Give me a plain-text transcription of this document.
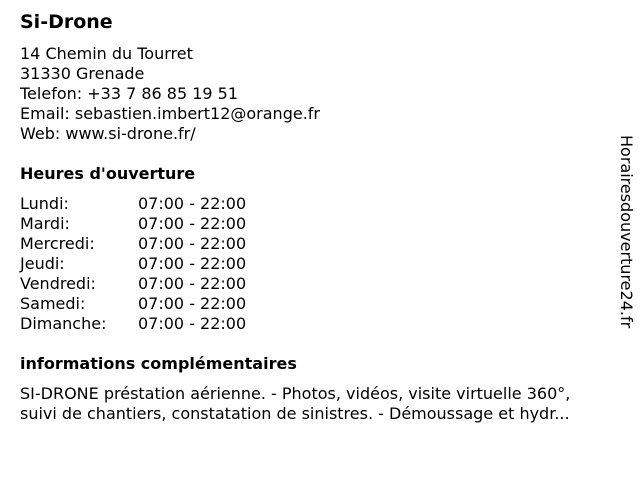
Si-Drone
14 Chemin du Tourret
31330 Grenade
Telefon: +33 7 86 85 19 51
Email: sebastien.imbert12@orange.fr
Web: www.si-drone.fr/
Heures d'ouverture
Lundi:	07:00 - 22:00
Mardi:	07:00 - 22:00
Mercredi:	07:00 - 22:00
Jeudi:	07:00 - 22:00
Vendredi:	07:00 - 22:00
Samedi:	07:00 - 22:00
Dimanche: 07:00 - 22:00
informations complémentaires
SI-DRONE préstation aérienne. - Photos, vidéos, visite virtuelle 360°,
suivi de chantiers, constatation de sinistres. - Démoussage et hydr...
Horairesdouverture24.fr
